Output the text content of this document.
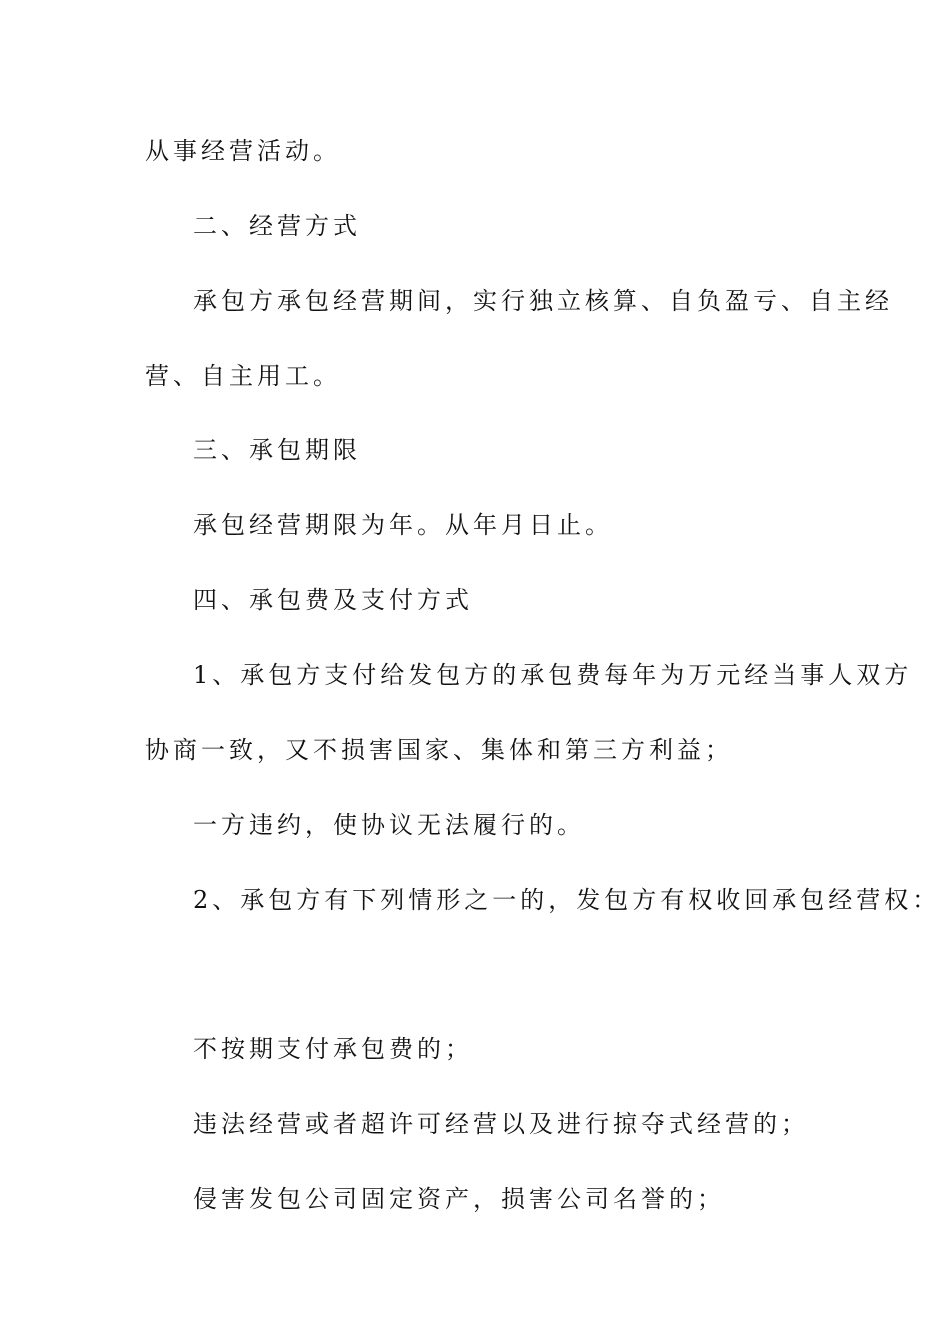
从事经营活动。

二、经营方式

承包方承包经营期间，实行独立核算、自负盈亏、自主经

营、自主用工。

三、承包期限

承包经营期限为年。从年月日止。

四、承包费及支付方式

1、承包方支付给发包方的承包费每年为万元经当事人双方

协商一致，又不损害国家、集体和第三方利益；

一方违约，使协议无法履行的。

2、承包方有下列情形之一的，发包方有权收回承包经营权：

不按期支付承包费的；

违法经营或者超许可经营以及进行掠夺式经营的；

侵害发包公司固定资产，损害公司名誉的；
